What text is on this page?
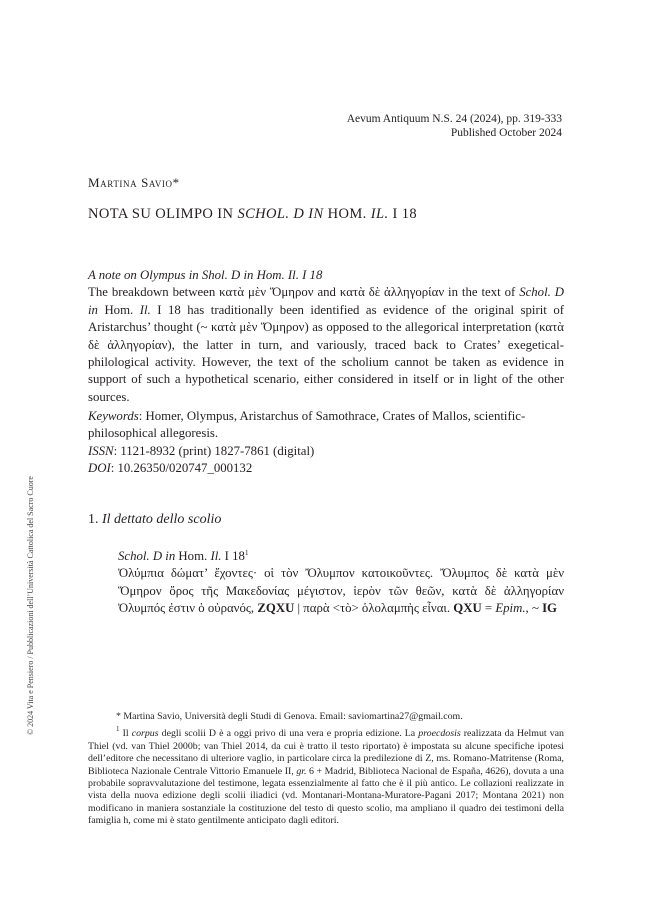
© 2024 Vita e Pensiero / Pubblicazioni dell’Università Cattolica del Sacro Cuore
Aevum Antiquum N.S. 24 (2024), pp. 319-333
Published October 2024
Martina Savio*
NOTA SU OLIMPO IN SCHOL. D IN HOM. IL. I 18
A note on Olympus in Shol. D in Hom. Il. I 18
The breakdown between κατὰ μὲν Ὅμηρον and κατὰ δὲ ἀλληγορίαν in the text of Schol. D in Hom. Il. I 18 has traditionally been identified as evidence of the original spirit of Aristarchus’ thought (~ κατὰ μὲν Ὅμηρον) as opposed to the allegorical interpretation (κατὰ δὲ ἀλληγορίαν), the latter in turn, and variously, traced back to Crates’ exegetical-philological activity. However, the text of the scholium cannot be taken as evidence in support of such a hypothetical scenario, either considered in itself or in light of the other sources.
Keywords: Homer, Olympus, Aristarchus of Samothrace, Crates of Mallos, scientific-philosophical allegoresis.
ISSN: 1121-8932 (print) 1827-7861 (digital)
DOI: 10.26350/020747_000132
1. Il dettato dello scolio
Schol. D in Hom. Il. I $18^1$
Ὀλύμπια δώματ’ ἔχοντες· οἱ τὸν Ὄλυμπον κατοικοῦντες. Ὄλυμπος δὲ κατὰ μὲν Ὅμηρον ὄρος τῆς Μακεδονίας μέγιστον, ἱερὸν τῶν θεῶν, κατὰ δὲ ἀλληγορίαν Ὀλυμπός ἐστιν ὁ οὐρανός, ZQXU | παρὰ <τὸ> ὁλολαμπὴς εἶναι. QXU = Epim., ~ IG

* Martina Savio, Università degli Studi di Genova. Email: saviomartina27@gmail.com.

$^1$ Il corpus degli scolii D è a oggi privo di una vera e propria edizione. La proecdosis realizzata da Helmut van Thiel (vd. van Thiel 2000b; van Thiel 2014, da cui è tratto il testo riportato) è impostata su alcune specifiche ipotesi dell’editore che necessitano di ulteriore vaglio, in particolare circa la predilezione di Z, ms. Romano-Matritense (Roma, Biblioteca Nazionale Centrale Vittorio Emanuele II, gr. 6 + Madrid, Biblioteca Nacional de España, 4626), dovuta a una probabile sopravvalutazione del testimone, legata essenzialmente al fatto che è il più antico. Le collazioni realizzate in vista della nuova edizione degli scolii iliadici (vd. Montanari-Montana-Muratore-Pagani 2017; Montana 2021) non modificano in maniera sostanziale la costituzione del testo di questo scolio, ma ampliano il quadro dei testimoni della famiglia h, come mi è stato gentilmente anticipato dagli editori.
